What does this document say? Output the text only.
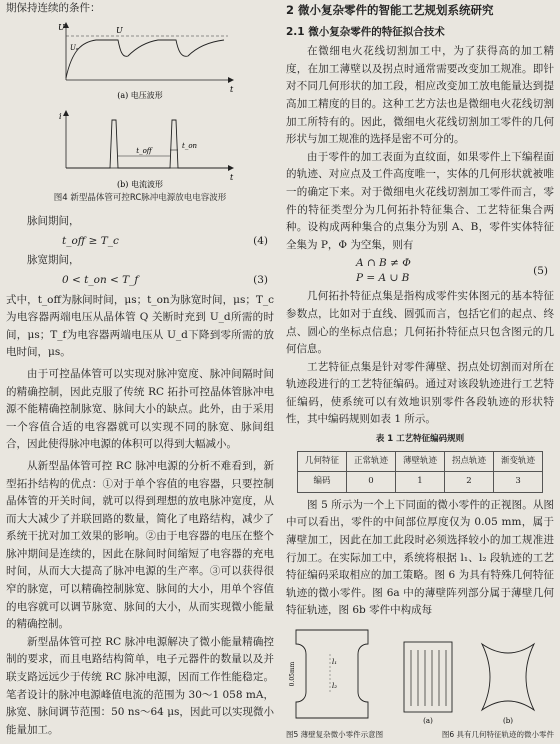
期保持连续的条件：

U	U
Uₑ
t
(a) 电压波形
i
t_off
t_on
t
(b) 电流波形
图4 新型晶体管可控RC脉冲电源放电电容波形

脉间期间，

t_off ≥ T_c	(4)

脉宽期间，

0 < t_on < T_f	(3)

式中，t_off为脉间时间，μs；t_on为脉宽时间，μs；T_c为电容器两端电压从晶体管 Q 关断时充到 U_d所需的时间，μs；T_f为电容器两端电压从 U_d下降到零所需的放电时间，μs。

由于可控晶体管可以实现对脉冲宽度、脉冲间隔时间的精确控制，因此克服了传统 RC 拓扑可控晶体管脉冲电源不能精确控制脉宽、脉间大小的缺点。此外，由于采用一个容值合适的电容器就可以实现不同的脉宽、脉间组合，因此使得脉冲电源的体积可以得到大幅减小。

从新型晶体管可控 RC 脉冲电源的分析不难看到，新型拓扑结构的优点：①对于单个容值的电容器，只要控制晶体管的开关时间，就可以得到理想的放电脉冲宽度，从而大大减少了并联回路的数量，简化了电路结构，减少了系统干扰对加工效果的影响。②由于电容器的电压在整个脉冲期间是连续的，因此在脉间时间缩短了电容器的充电时间，从而大大提高了脉冲电源的生产率。③可以获得很窄的脉宽，可以精确控制脉宽、脉间的大小，用单个容值的电容就可以调节脉宽、脉间的大小，从而实现微小能量的精确控制。

新型晶体管可控 RC 脉冲电源解决了微小能量精确控制的要求，而且电路结构简单，电子元器件的数量以及并联支路远远少于传统 RC 脉冲电源，因而工作性能稳定。笔者设计的脉冲电源峰值电流的范围为 30～1 058 mA，脉宽、脉间调节范围：50 ns～64 μs，因此可以实现微小能量加工。

2 微小复杂零件的智能工艺规划系统研究
2.1 微小复杂零件的特征拟合技术

在微细电火花线切割加工中，为了获得高的加工精度，在加工薄壁以及拐点时通常需要改变加工规准。即针对不同几何形状的加工段，相应改变加工放电能量达到提高加工精度的目的。这种工艺方法也是微细电火花线切割加工所特有的。因此，微细电火花线切割加工零件的几何形状与加工规准的选择是密不可分的。

由于零件的加工表面为直纹面，如果零件上下编程面的轨迹、对应点及工件高度唯一，实体的几何形状就被唯一的确定下来。对于微细电火花线切割加工零件而言，零件的特征类型分为几何拓扑特征集合、工艺特征集合两种。设构成两种集合的点集分为别 A、B，零件实体特征全集为 P，Φ 为空集，则有

A ∩ B ≠ Φ
P = A ∪ B
(5)

几何拓扑特征点集是指构成零件实体图元的基本特征参数点，比如对于直线、圆弧而言，包括它们的起点、终点、圆心的坐标点信息；几何拓扑特征点只包含图元的几何信息。

工艺特征点集是针对零件薄壁、拐点处切割而对所在轨迹段进行的工艺特征编码。通过对该段轨迹进行工艺特征编码，使系统可以有效地识别零件各段轨迹的形状特性，其中编码规则如表 1 所示。

表 1 工艺特征编码规则
几何特征	正常轨迹	薄壁轨迹	拐点轨迹	渐变轨迹
编码	0	1	2	3

图 5 所示为一个上下同面的微小零件的正视图。从图中可以看出，零件的中间部位厚度仅为 0.05 mm，属于薄壁加工，因此在加工此段时必须选择较小的加工规准进行加工。在实际加工中，系统将根据 l₁、l₂ 段轨迹的工艺特征编码采取相应的加工策略。图 6 为具有特殊几何特征轨迹的微小零件。图 6a 中的薄壁阵列部分属于薄壁几何特征轨迹，图 6b 零件中构成每

l₁
l₂
0.05mm
(a)	(b)
图5 薄壁复杂微小零件示意图	图6 具有几何特征轨迹的微小零件
